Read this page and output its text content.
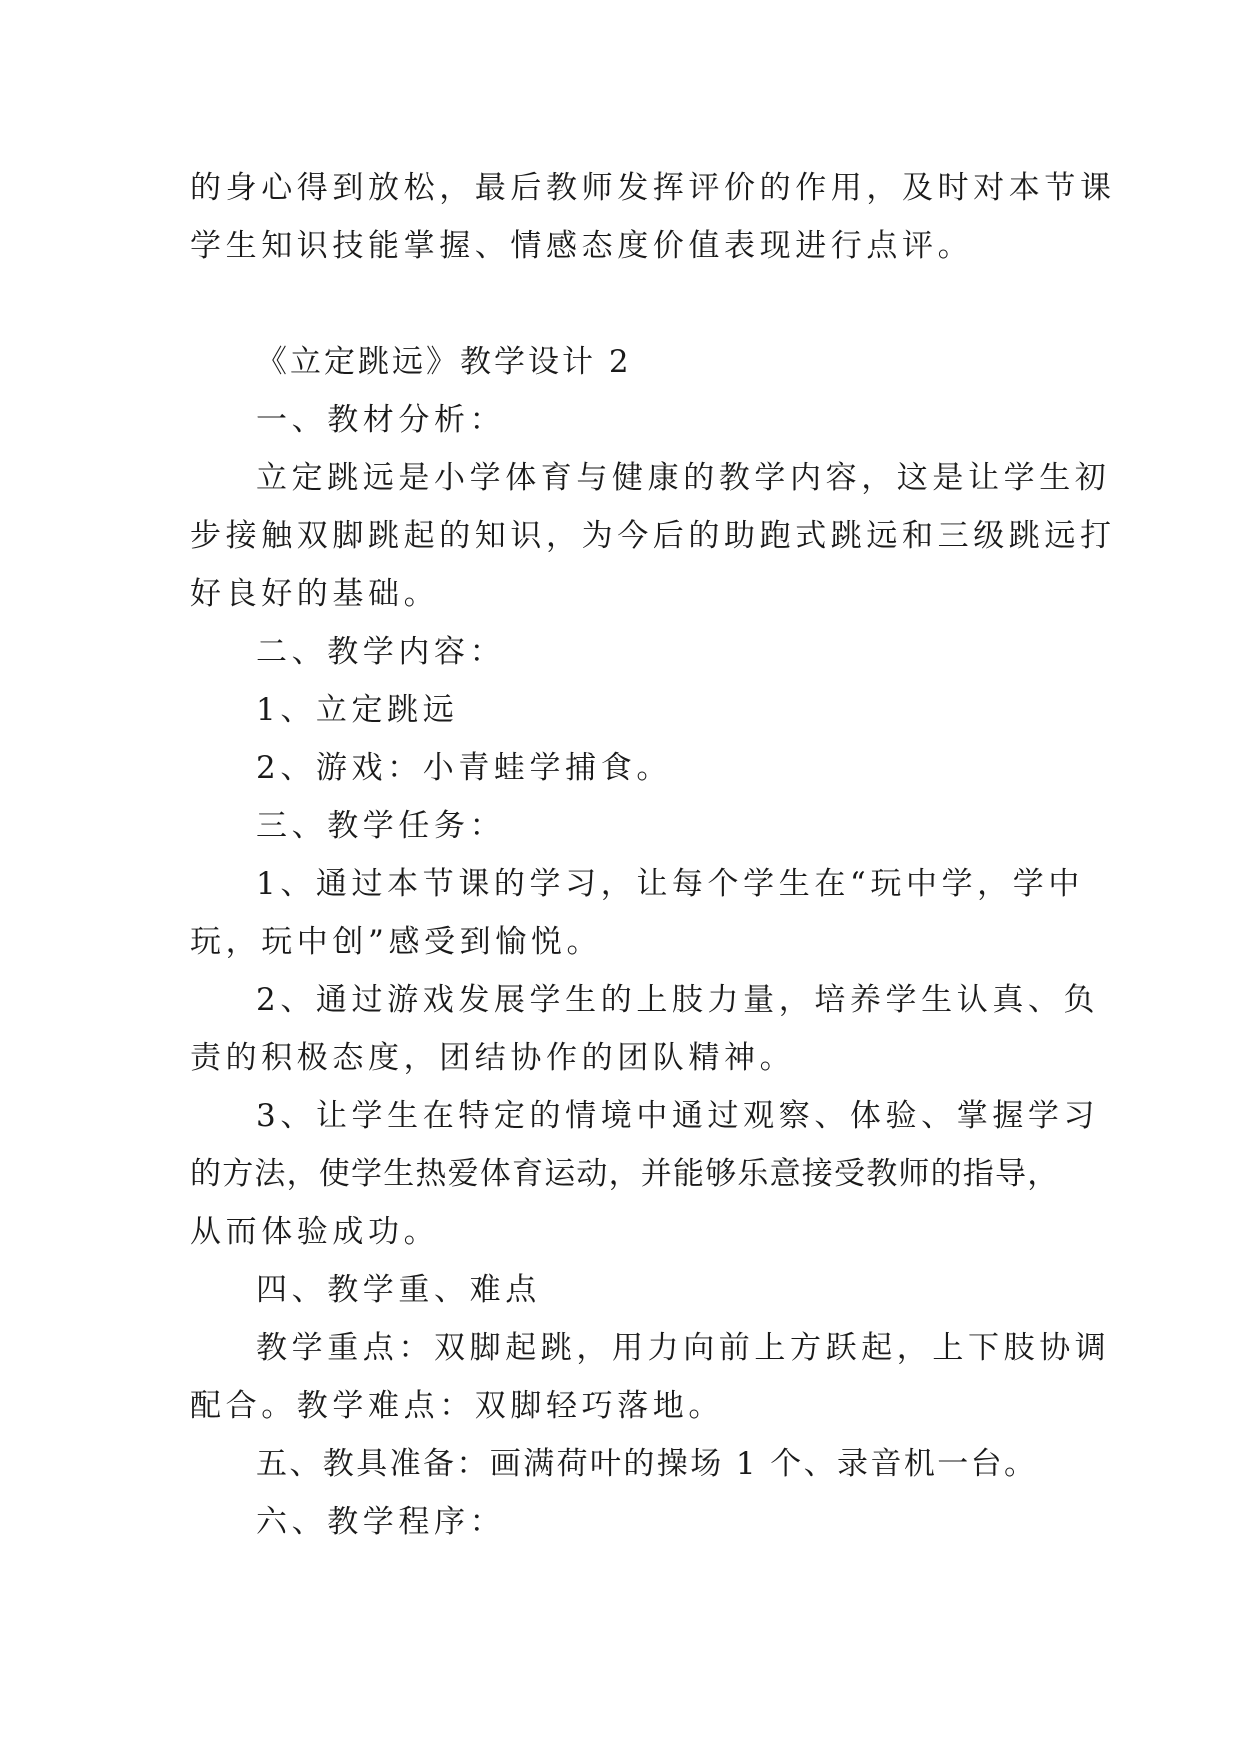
的身心得到放松，最后教师发挥评价的作用，及时对本节课
学生知识技能掌握、情感态度价值表现进行点评。
《立定跳远》教学设计 2
一、教材分析：
立定跳远是小学体育与健康的教学内容，这是让学生初
步接触双脚跳起的知识，为今后的助跑式跳远和三级跳远打
好良好的基础。
二、教学内容：
1、立定跳远
2、游戏：小青蛙学捕食。
三、教学任务：
1、通过本节课的学习，让每个学生在“玩中学，学中
玩，玩中创”感受到愉悦。
2、通过游戏发展学生的上肢力量，培养学生认真、负
责的积极态度，团结协作的团队精神。
3、让学生在特定的情境中通过观察、体验、掌握学习
的方法，使学生热爱体育运动，并能够乐意接受教师的指导，
从而体验成功。
四、教学重、难点
教学重点：双脚起跳，用力向前上方跃起，上下肢协调
配合。教学难点：双脚轻巧落地。
五、教具准备：画满荷叶的操场 1 个、录音机一台。
六、教学程序：
